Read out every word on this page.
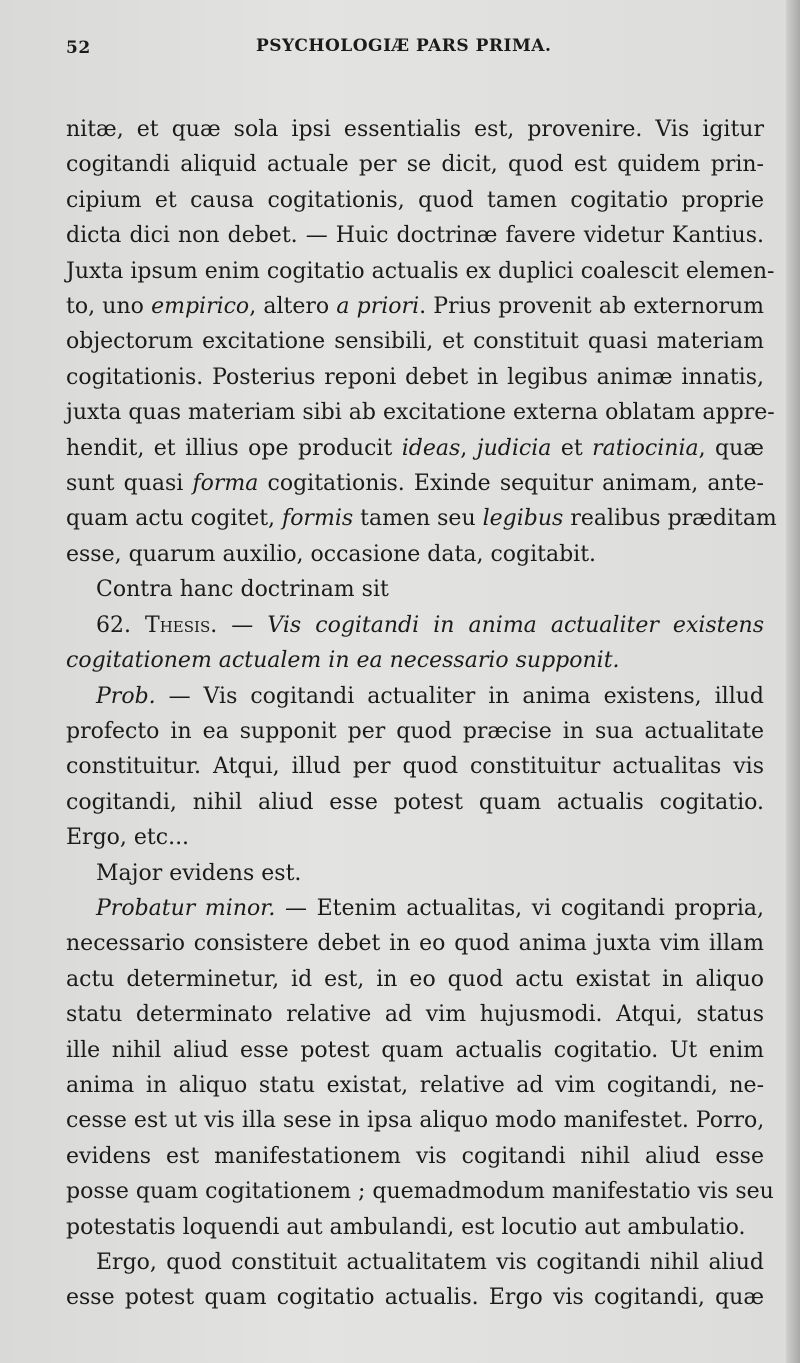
52	PSYCHOLOGIÆ PARS PRIMA.
nitæ, et quæ sola ipsi essentialis est, provenire. Vis igitur
cogitandi aliquid actuale per se dicit, quod est quidem prin-
cipium et causa cogitationis, quod tamen cogitatio proprie
dicta dici non debet. — Huic doctrinæ favere videtur Kantius.
Juxta ipsum enim cogitatio actualis ex duplici coalescit elemen-
to, uno empirico, altero a priori. Prius provenit ab externorum
objectorum excitatione sensibili, et constituit quasi materiam
cogitationis. Posterius reponi debet in legibus animæ innatis,
juxta quas materiam sibi ab excitatione externa oblatam appre-
hendit, et illius ope producit ideas, judicia et ratiocinia, quæ
sunt quasi forma cogitationis. Exinde sequitur animam, ante-
quam actu cogitet, formis tamen seu legibus realibus præditam
esse, quarum auxilio, occasione data, cogitabit.
Contra hanc doctrinam sit
62. Thesis. — Vis cogitandi in anima actualiter existens
cogitationem actualem in ea necessario supponit.
Prob. — Vis cogitandi actualiter in anima existens, illud
profecto in ea supponit per quod præcise in sua actualitate
constituitur. Atqui, illud per quod constituitur actualitas vis
cogitandi, nihil aliud esse potest quam actualis cogitatio.
Ergo, etc...
Major evidens est.
Probatur minor. — Etenim actualitas, vi cogitandi propria,
necessario consistere debet in eo quod anima juxta vim illam
actu determinetur, id est, in eo quod actu existat in aliquo
statu determinato relative ad vim hujusmodi. Atqui, status
ille nihil aliud esse potest quam actualis cogitatio. Ut enim
anima in aliquo statu existat, relative ad vim cogitandi, ne-
cesse est ut vis illa sese in ipsa aliquo modo manifestet. Porro,
evidens est manifestationem vis cogitandi nihil aliud esse
posse quam cogitationem ; quemadmodum manifestatio vis seu
potestatis loquendi aut ambulandi, est locutio aut ambulatio.
Ergo, quod constituit actualitatem vis cogitandi nihil aliud
esse potest quam cogitatio actualis. Ergo vis cogitandi, quæ
